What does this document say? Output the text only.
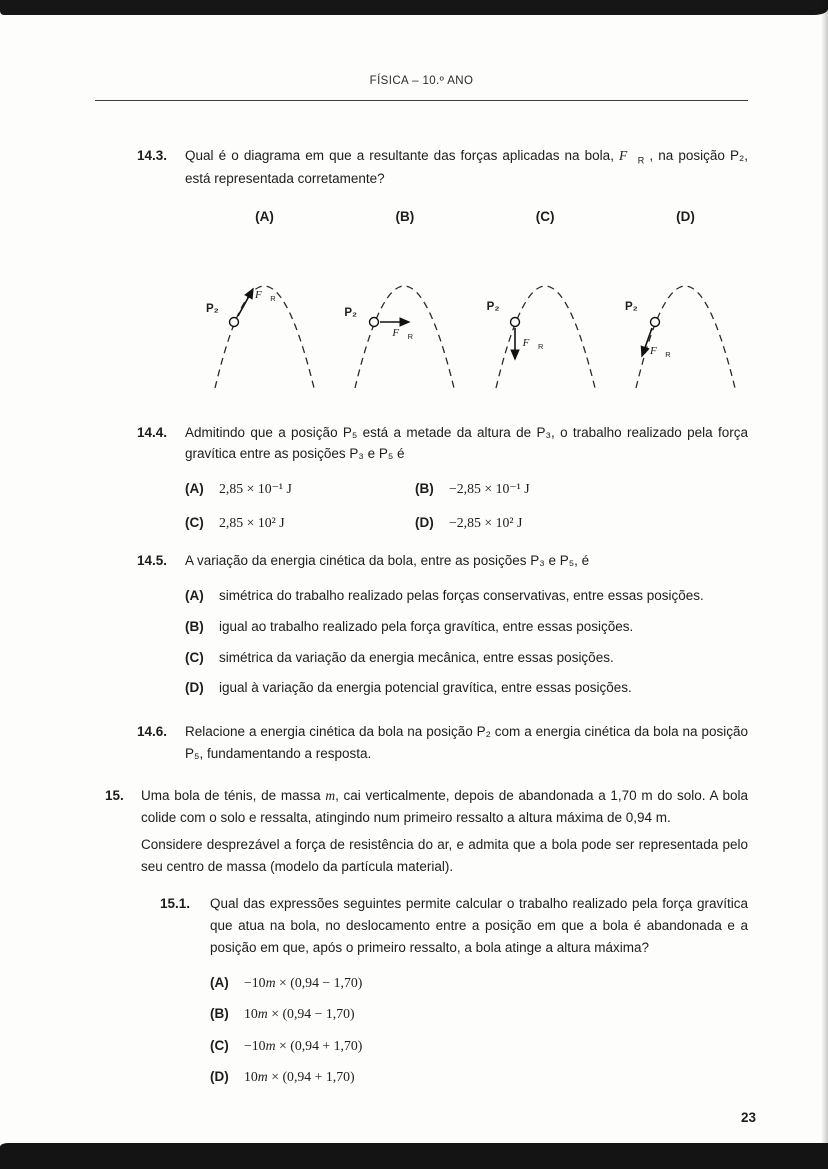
FÍSICA – 10.º ANO
14.3.	Qual é o diagrama em que a resultante das forças aplicadas na bola, $F⃗_R$ , na posição P₂, está representada corretamente?
(A)
P₂
$F⃗_R$
(B)
P₂
$F⃗_R$
(C)
P₂
$F⃗_R$
(D)
P₂
$F⃗_R$
14.4.	Admitindo que a posição P₅ está a metade da altura de P₃, o trabalho realizado pela força gravítica entre as posições P₃ e P₅ é

(A) 2,85 × 10⁻¹ J	(B) −2,85 × 10⁻¹ J
(C) 2,85 × 10² J	(D) −2,85 × 10² J
14.5.	A variação da energia cinética da bola, entre as posições P₃ e P₅, é

(A) simétrica do trabalho realizado pelas forças conservativas, entre essas posições.
(B) igual ao trabalho realizado pela força gravítica, entre essas posições.
(C) simétrica da variação da energia mecânica, entre essas posições.
(D) igual à variação da energia potencial gravítica, entre essas posições.
14.6.	Relacione a energia cinética da bola na posição P₂ com a energia cinética da bola na posição P₅, fundamentando a resposta.
15.	Uma bola de ténis, de massa m, cai verticalmente, depois de abandonada a 1,70 m do solo. A bola colide com o solo e ressalta, atingindo num primeiro ressalto a altura máxima de 0,94 m.

Considere desprezável a força de resistência do ar, e admita que a bola pode ser representada pelo seu centro de massa (modelo da partícula material).

15.1.	Qual das expressões seguintes permite calcular o trabalho realizado pela força gravítica que atua na bola, no deslocamento entre a posição em que a bola é abandonada e a posição em que, após o primeiro ressalto, a bola atinge a altura máxima?

(A) −10m × (0,94 − 1,70)
(B) 10m × (0,94 − 1,70)
(C) −10m × (0,94 + 1,70)
(D) 10m × (0,94 + 1,70)
23
